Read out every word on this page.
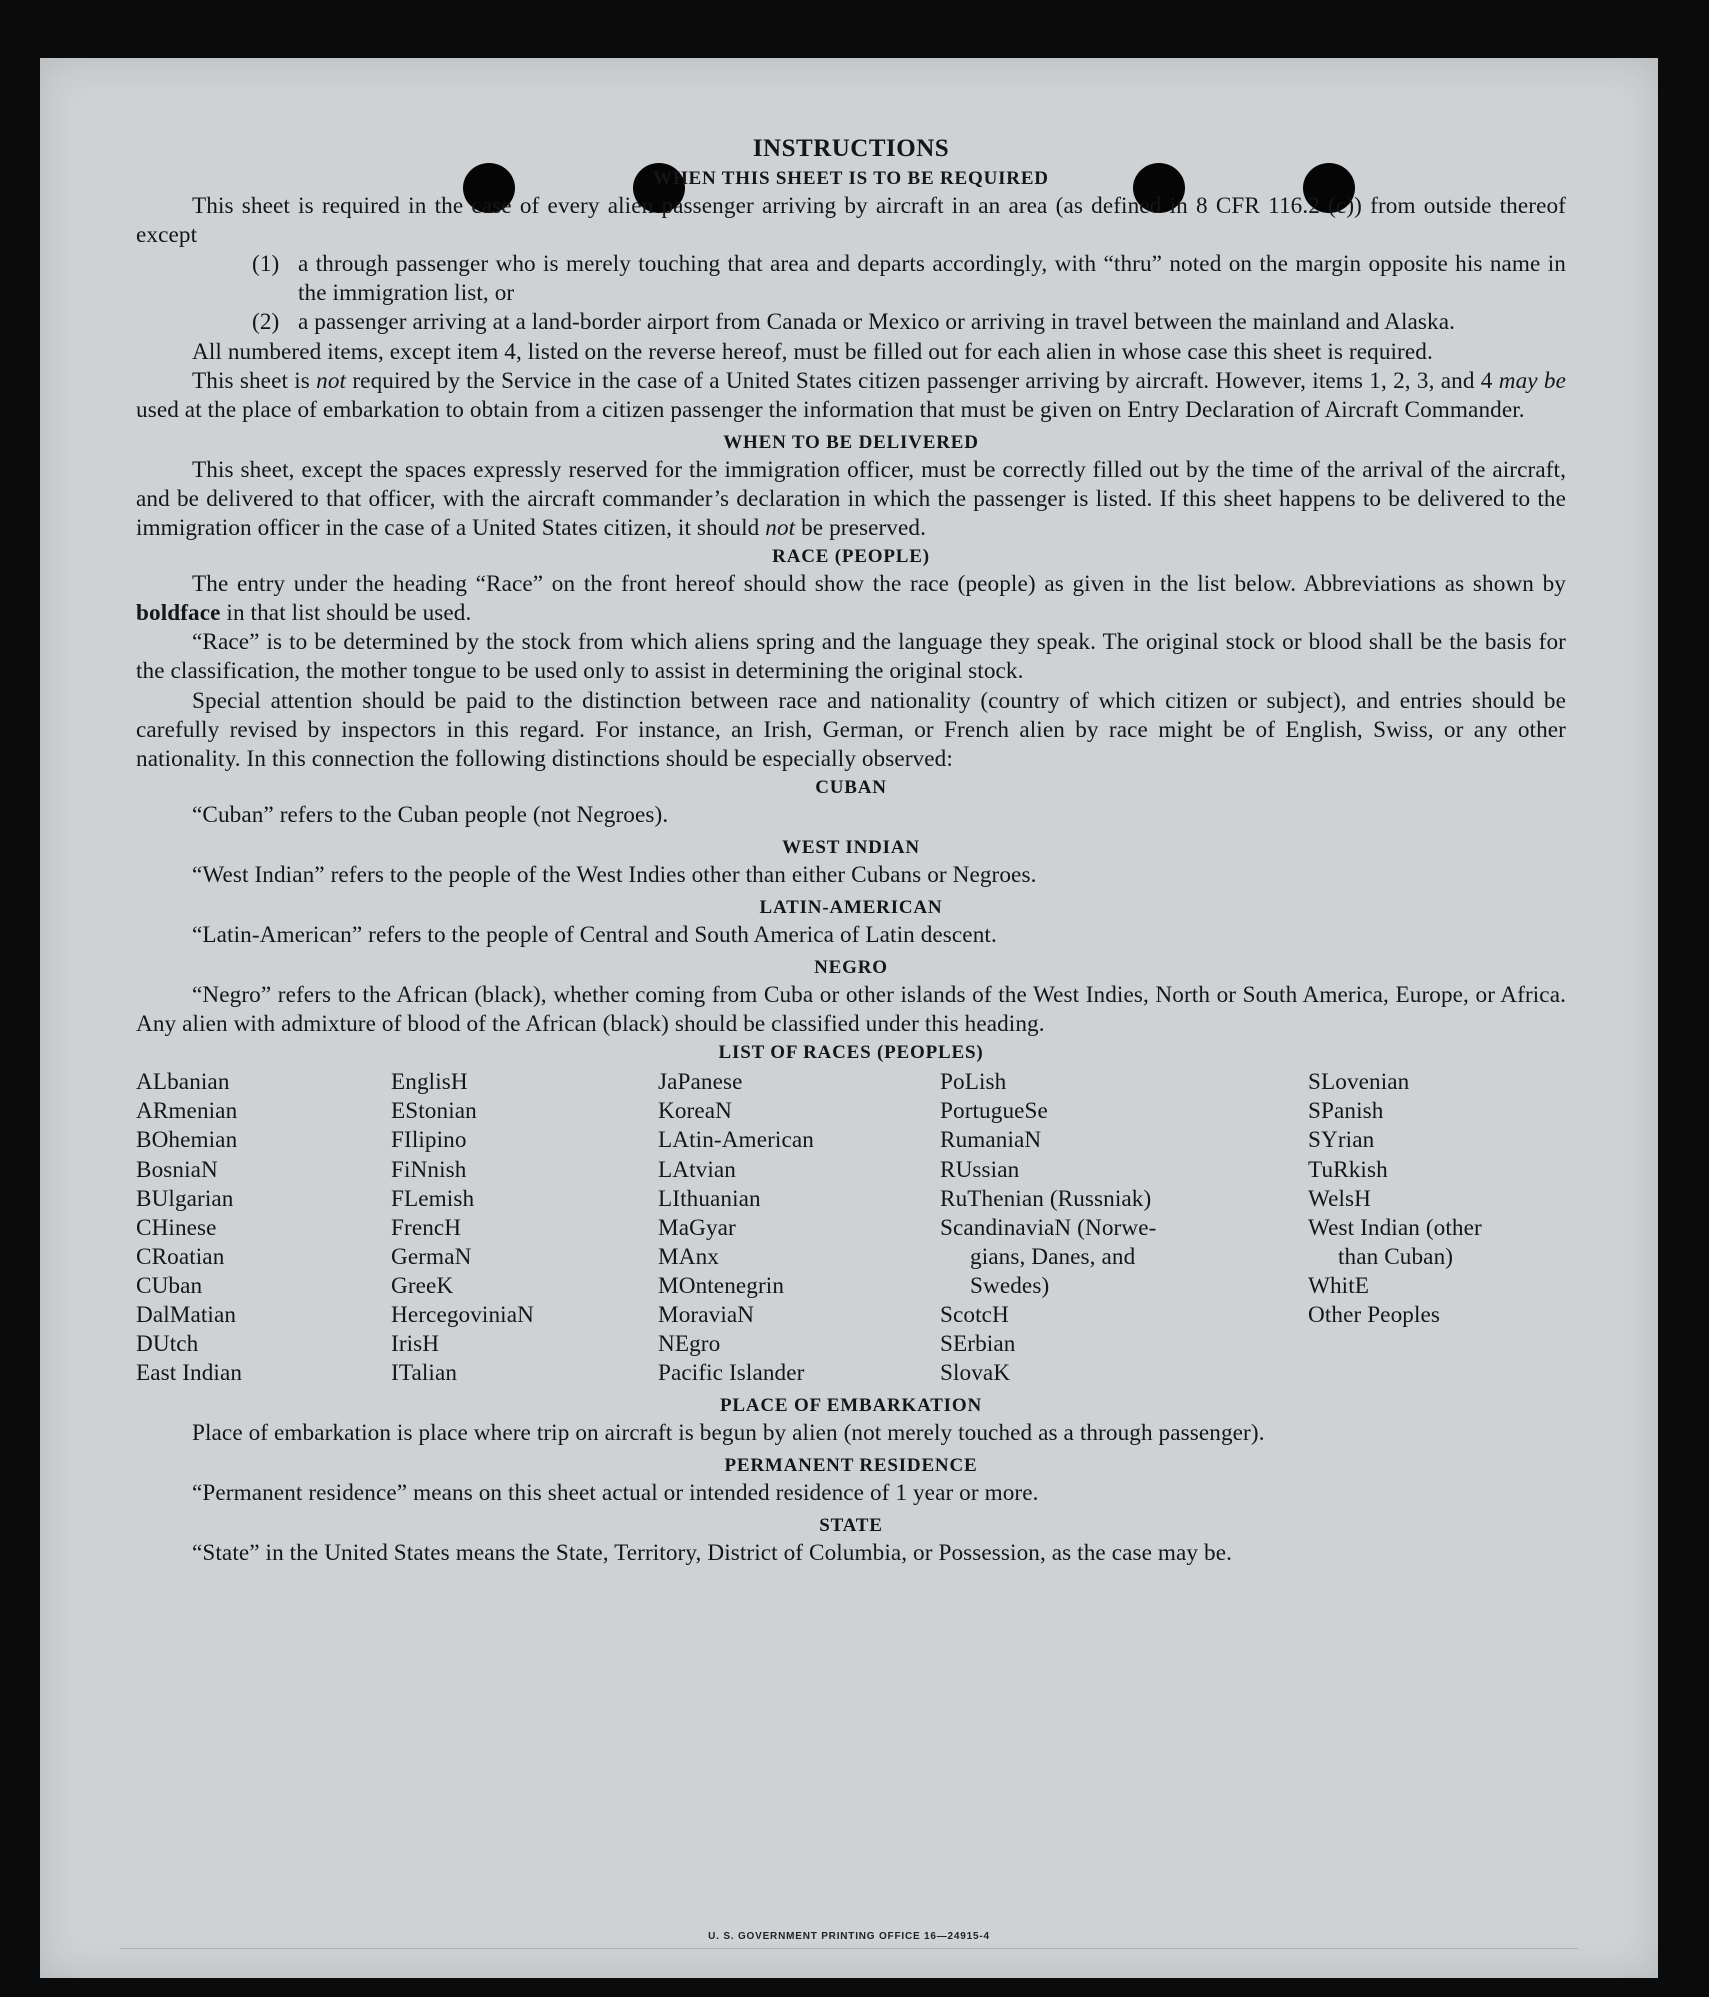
U. S. GOVERNMENT PRINTING OFFICE 16—24915-4
INSTRUCTIONS
WHEN THIS SHEET IS TO BE REQUIRED

This sheet is required in the case of every alien passenger arriving by aircraft in an area (as defined in 8 CFR 116.2 (c)) from outside thereof except

(1) a through passenger who is merely touching that area and departs accordingly, with “thru” noted on the margin opposite his name in the immigration list, or
(2) a passenger arriving at a land-border airport from Canada or Mexico or arriving in travel between the mainland and Alaska.

All numbered items, except item 4, listed on the reverse hereof, must be filled out for each alien in whose case this sheet is required.

This sheet is not required by the Service in the case of a United States citizen passenger arriving by aircraft. However, items 1, 2, 3, and 4 may be used at the place of embarkation to obtain from a citizen passenger the information that must be given on Entry Declaration of Aircraft Commander.

WHEN TO BE DELIVERED

This sheet, except the spaces expressly reserved for the immigration officer, must be correctly filled out by the time of the arrival of the aircraft, and be delivered to that officer, with the aircraft commander’s declaration in which the passenger is listed. If this sheet happens to be delivered to the immigration officer in the case of a United States citizen, it should not be preserved.

RACE (PEOPLE)

The entry under the heading “Race” on the front hereof should show the race (people) as given in the list below. Abbreviations as shown by boldface in that list should be used.

“Race” is to be determined by the stock from which aliens spring and the language they speak. The original stock or blood shall be the basis for the classification, the mother tongue to be used only to assist in determining the original stock.

Special attention should be paid to the distinction between race and nationality (country of which citizen or subject), and entries should be carefully revised by inspectors in this regard. For instance, an Irish, German, or French alien by race might be of English, Swiss, or any other nationality. In this connection the following distinctions should be especially observed:

CUBAN

“Cuban” refers to the Cuban people (not Negroes).

WEST INDIAN

“West Indian” refers to the people of the West Indies other than either Cubans or Negroes.

LATIN-AMERICAN

“Latin-American” refers to the people of Central and South America of Latin descent.

NEGRO

“Negro” refers to the African (black), whether coming from Cuba or other islands of the West Indies, North or South America, Europe, or Africa. Any alien with admixture of blood of the African (black) should be classified under this heading.

LIST OF RACES (PEOPLES)
ALbanian
ARmenian
BOhemian
BosniaN
BUlgarian
CHinese
CRoatian
CUban
DalMatian
DUtch
East Indian
EnglisH
EStonian
FIlipino
FiNnish
FLemish
FrencH
GermaN
GreeK
HercegoviniaN
IrisH
ITalian
JaPanese
KoreaN
LAtin-American
LAtvian
LIthuanian
MaGyar
MAnx
MOntenegrin
MoraviaN
NEgro
Pacific Islander
PoLish
PortugueSe
RumaniaN
RUssian
RuThenian (Russniak)
ScandinaviaN (Norwe-
gians, Danes, and
Swedes)
ScotcH
SErbian
SlovaK
SLovenian
SPanish
SYrian
TuRkish
WelsH
West Indian (other
than Cuban)
WhitE
Other Peoples
PLACE OF EMBARKATION

Place of embarkation is place where trip on aircraft is begun by alien (not merely touched as a through passenger).

PERMANENT RESIDENCE

“Permanent residence” means on this sheet actual or intended residence of 1 year or more.

STATE

“State” in the United States means the State, Territory, District of Columbia, or Possession, as the case may be.
